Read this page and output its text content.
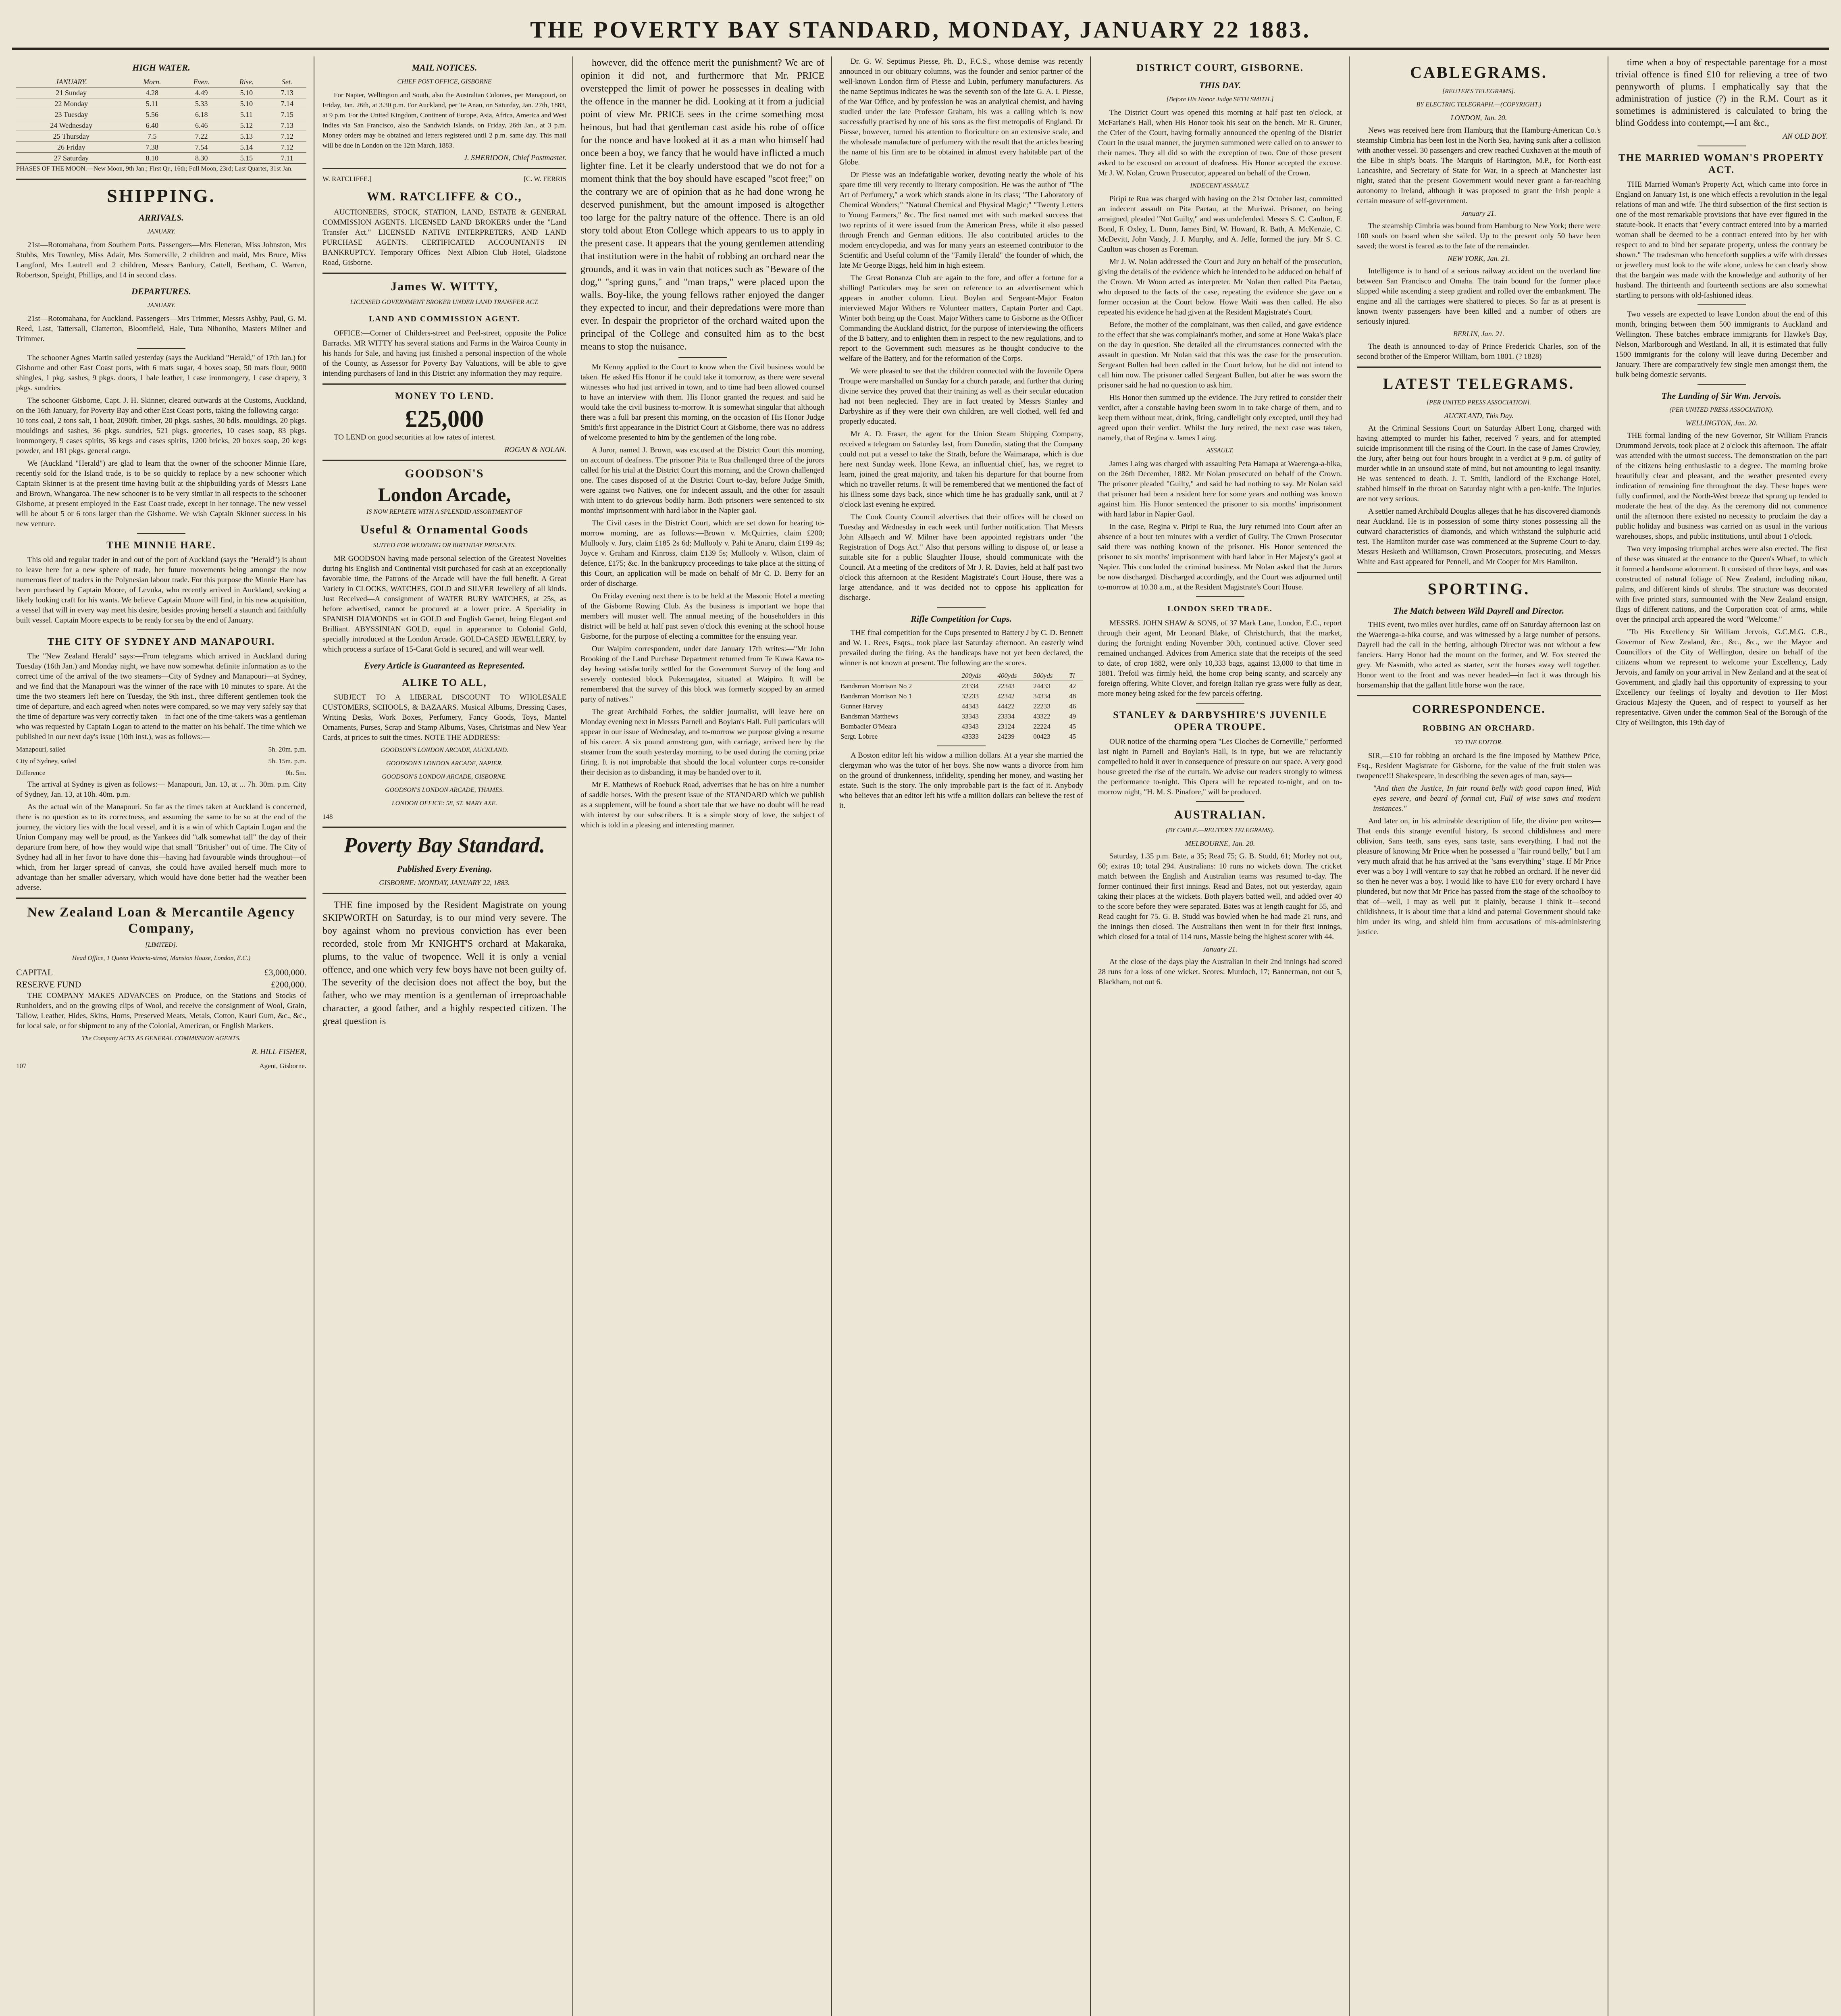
THE POVERTY BAY STANDARD, MONDAY, JANUARY 22 1883.
HIGH WATER.
JANUARY.	Morn.	Even.	Rise.	Set.
21 Sunday	4.28	4.49	5.10	7.13
22 Monday	5.11	5.33	5.10	7.14
23 Tuesday	5.56	6.18	5.11	7.15
24 Wednesday	6.40	6.46	5.12	7.13
25 Thursday	7.5	7.22	5.13	7.12
26 Friday	7.38	7.54	5.14	7.12
27 Saturday	8.10	8.30	5.15	7.11

PHASES OF THE MOON.—New Moon, 9th Jan.; First Qr., 16th; Full Moon, 23rd; Last Quarter, 31st Jan.

SHIPPING.
ARRIVALS.
JANUARY.

21st—Rotomahana, from Southern Ports. Passengers—Mrs Fleneran, Miss Johnston, Mrs Stubbs, Mrs Townley, Miss Adair, Mrs Somerville, 2 children and maid, Mrs Bruce, Miss Langford, Mrs Lautrell and 2 children, Messrs Banbury, Cattell, Beetham, C. Warren, Robertson, Speight, Phillips, and 14 in second class.

DEPARTURES.
JANUARY.

21st—Rotomahana, for Auckland. Passengers—Mrs Trimmer, Messrs Ashby, Paul, G. M. Reed, Last, Tattersall, Clatterton, Bloomfield, Hale, Tuta Nihoniho, Masters Milner and Trimmer.

The schooner Agnes Martin sailed yesterday (says the Auckland "Herald," of 17th Jan.) for Gisborne and other East Coast ports, with 6 mats sugar, 4 boxes soap, 50 mats flour, 9000 shingles, 1 pkg. sashes, 9 pkgs. doors, 1 bale leather, 1 case ironmongery, 1 case drapery, 3 pkgs. sundries.

The schooner Gisborne, Capt. J. H. Skinner, cleared outwards at the Customs, Auckland, on the 16th January, for Poverty Bay and other East Coast ports, taking the following cargo:—10 tons coal, 2 tons salt, 1 boat, 2090ft. timber, 20 pkgs. sashes, 30 bdls. mouldings, 20 pkgs. mouldings and sashes, 36 pkgs. sundries, 521 pkgs. groceries, 10 cases soap, 83 pkgs. ironmongery, 9 cases spirits, 36 kegs and cases spirits, 1200 bricks, 20 boxes soap, 20 kegs powder, and 181 pkgs. general cargo.

We (Auckland "Herald") are glad to learn that the owner of the schooner Minnie Hare, recently sold for the Island trade, is to be so quickly to replace by a new schooner which Captain Skinner is at the present time having built at the shipbuilding yards of Messrs Lane and Brown, Whangaroa. The new schooner is to be very similar in all respects to the schooner Gisborne, at present employed in the East Coast trade, except in her tonnage. The new vessel will be about 5 or 6 tons larger than the Gisborne. We wish Captain Skinner success in his new venture.

THE MINNIE HARE.

This old and regular trader in and out of the port of Auckland (says the "Herald") is about to leave here for a new sphere of trade, her future movements being amongst the now numerous fleet of traders in the Polynesian labour trade. For this purpose the Minnie Hare has been purchased by Captain Moore, of Levuka, who recently arrived in Auckland, seeking a likely looking craft for his wants. We believe Captain Moore will find, in his new acquisition, a vessel that will in every way meet his desire, besides proving herself a staunch and faithfully built vessel. Captain Moore expects to be ready for sea by the end of January.

THE CITY OF SYDNEY AND MANAPOURI.

The "New Zealand Herald" says:—From telegrams which arrived in Auckland during Tuesday (16th Jan.) and Monday night, we have now somewhat definite information as to the correct time of the arrival of the two steamers—City of Sydney and Manapouri—at Sydney, and we find that the Manapouri was the winner of the race with 10 minutes to spare. At the time the two steamers left here on Tuesday, the 9th inst., three different gentlemen took the time of departure, and each agreed when notes were compared, so we may very safely say that the time of departure was very correctly taken—in fact one of the time-takers was a gentleman who was requested by Captain Logan to attend to the matter on his behalf. The time which we published in our next day's issue (10th inst.), was as follows:—

Manapouri, sailed	5h. 20m. p.m.
City of Sydney, sailed	5h. 15m. p.m.
Difference	0h. 5m.

The arrival at Sydney is given as follows:— Manapouri, Jan. 13, at ... 7h. 30m. p.m. City of Sydney, Jan. 13, at 10h. 40m. p.m.

As the actual win of the Manapouri. So far as the times taken at Auckland is concerned, there is no question as to its correctness, and assuming the same to be so at the end of the journey, the victory lies with the local vessel, and it is a win of which Captain Logan and the Union Company may well be proud, as the Yankees did "talk somewhat tall" the day of their departure from here, of how they would wipe that small "Britisher" out of time. The City of Sydney had all in her favor to have done this—having had favourable winds throughout—of which, from her larger spread of canvas, she could have availed herself much more to advantage than her smaller adversary, which would have done better had the weather been adverse.

New Zealand Loan & Mercantile Agency Company,
[LIMITED].
Head Office, 1 Queen Victoria-street, Mansion House, London, E.C.)
CAPITAL	£3,000,000.
RESERVE FUND	£200,000.

THE COMPANY MAKES ADVANCES on Produce, on the Stations and Stocks of Runholders, and on the growing clips of Wool, and receive the consignment of Wool, Grain, Tallow, Leather, Hides, Skins, Horns, Preserved Meats, Metals, Cotton, Kauri Gum, &c., &c., for local sale, or for shipment to any of the Colonial, American, or English Markets.

The Company ACTS AS GENERAL COMMISSION AGENTS.
R. HILL FISHER,
107	Agent, Gisborne.
MAIL NOTICES.
CHIEF POST OFFICE, GISBORNE

For Napier, Wellington and South, also the Australian Colonies, per Manapouri, on Friday, Jan. 26th, at 3.30 p.m. For Auckland, per Te Anau, on Saturday, Jan. 27th, 1883, at 9 p.m. For the United Kingdom, Continent of Europe, Asia, Africa, America and West Indies via San Francisco, also the Sandwich Islands, on Friday, 26th Jan., at 3 p.m. Money orders may be obtained and letters registered until 2 p.m. same day. This mail will be due in London on the 12th March, 1883.

J. SHERIDON, Chief Postmaster.
W. RATCLIFFE.]	[C. W. FERRIS
WM. RATCLIFFE & CO.,

AUCTIONEERS, STOCK, STATION, LAND, ESTATE & GENERAL COMMISSION AGENTS. LICENSED LAND BROKERS under the "Land Transfer Act." LICENSED NATIVE INTERPRETERS, AND LAND PURCHASE AGENTS. CERTIFICATED ACCOUNTANTS IN BANKRUPTCY. Temporary Offices—Next Albion Club Hotel, Gladstone Road, Gisborne.

James W. WITTY,
LICENSED GOVERNMENT BROKER UNDER LAND TRANSFER ACT.
LAND AND COMMISSION AGENT.

OFFICE:—Corner of Childers-street and Peel-street, opposite the Police Barracks. MR WITTY has several stations and Farms in the Wairoa County in his hands for Sale, and having just finished a personal inspection of the whole of the County, as Assessor for Poverty Bay Valuations, will be able to give intending purchasers of land in this District any information they may require.

MONEY TO LEND.
£25,000

TO LEND on good securities at low rates of interest.

ROGAN & NOLAN.
GOODSON'S
London Arcade,
IS NOW REPLETE WITH A SPLENDID ASSORTMENT OF
Useful & Ornamental Goods
SUITED FOR WEDDING OR BIRTHDAY PRESENTS.

MR GOODSON having made personal selection of the Greatest Novelties during his English and Continental visit purchased for cash at an exceptionally favorable time, the Patrons of the Arcade will have the full benefit. A Great Variety in CLOCKS, WATCHES, GOLD and SILVER Jewellery of all kinds. Just Received—A consignment of WATER BURY WATCHES, at 25s, as before advertised, cannot be procured at a lower price. A Speciality in SPANISH DIAMONDS set in GOLD and English Garnet, being Elegant and Brilliant. ABYSSINIAN GOLD, equal in appearance to Colonial Gold, specially introduced at the London Arcade. GOLD-CASED JEWELLERY, by which process a surface of 15-Carat Gold is secured, and will wear well.

Every Article is Guaranteed as Represented.
ALIKE TO ALL,

SUBJECT TO A LIBERAL DISCOUNT TO WHOLESALE CUSTOMERS, SCHOOLS, & BAZAARS. Musical Albums, Dressing Cases, Writing Desks, Work Boxes, Perfumery, Fancy Goods, Toys, Mantel Ornaments, Purses, Scrap and Stamp Albums, Vases, Christmas and New Year Cards, at prices to suit the times. NOTE THE ADDRESS:—

GOODSON'S LONDON ARCADE, AUCKLAND.
GOODSON'S LONDON ARCADE, NAPIER.
GOODSON'S LONDON ARCADE, GISBORNE.
GOODSON'S LONDON ARCADE, THAMES.
LONDON OFFICE: 58, ST. MARY AXE.
148
Poverty Bay Standard.
Published Every Evening.
GISBORNE: MONDAY, JANUARY 22, 1883.

THE fine imposed by the Resident Magistrate on young SKIPWORTH on Saturday, is to our mind very severe. The boy against whom no previous conviction has ever been recorded, stole from Mr KNIGHT'S orchard at Makaraka, plums, to the value of twopence. Well it is only a venial offence, and one which very few boys have not been guilty of. The severity of the decision does not affect the boy, but the father, who we may mention is a gentleman of irreproachable character, a good father, and a highly respected citizen. The great question is

however, did the offence merit the punishment? We are of opinion it did not, and furthermore that Mr. PRICE overstepped the limit of power he possesses in dealing with the offence in the manner he did. Looking at it from a judicial point of view Mr. PRICE sees in the crime something most heinous, but had that gentleman cast aside his robe of office for the nonce and have looked at it as a man who himself had once been a boy, we fancy that he would have inflicted a much lighter fine. Let it be clearly understood that we do not for a moment think that the boy should have escaped "scot free;" on the contrary we are of opinion that as he had done wrong he deserved punishment, but the amount imposed is altogether too large for the paltry nature of the offence. There is an old story told about Eton College which appears to us to apply in the present case. It appears that the young gentlemen attending that institution were in the habit of robbing an orchard near the grounds, and it was in vain that notices such as "Beware of the dog," "spring guns," and "man traps," were placed upon the walls. Boy-like, the young fellows rather enjoyed the danger they expected to incur, and their depredations were more than ever. In despair the proprietor of the orchard waited upon the principal of the College and consulted him as to the best means to stop the nuisance.

Mr Kenny applied to the Court to know when the Civil business would be taken. He asked His Honor if he could take it tomorrow, as there were several witnesses who had just arrived in town, and to time had been allowed counsel to have an interview with them. His Honor granted the request and said he would take the civil business to-morrow. It is somewhat singular that although there was a full bar present this morning, on the occasion of His Honor Judge Smith's first appearance in the District Court at Gisborne, there was no address of welcome presented to him by the gentlemen of the long robe.

A Juror, named J. Brown, was excused at the District Court this morning, on account of deafness. The prisoner Pita te Rua challenged three of the jurors called for his trial at the District Court this morning, and the Crown challenged one. The cases disposed of at the District Court to-day, before Judge Smith, were against two Natives, one for indecent assault, and the other for assault with intent to do grievous bodily harm. Both prisoners were sentenced to six months' imprisonment with hard labor in the Napier gaol.

The Civil cases in the District Court, which are set down for hearing to-morrow morning, are as follows:—Brown v. McQuirries, claim £200; Mullooly v. Jury, claim £185 2s 6d; Mullooly v. Pahi te Anaru, claim £199 4s; Joyce v. Graham and Kinross, claim £139 5s; Mullooly v. Wilson, claim of defence, £175; &c. In the bankruptcy proceedings to take place at the sitting of this Court, an application will be made on behalf of Mr C. D. Berry for an order of discharge.

On Friday evening next there is to be held at the Masonic Hotel a meeting of the Gisborne Rowing Club. As the business is important we hope that members will muster well. The annual meeting of the householders in this district will be held at half past seven o'clock this evening at the school house Gisborne, for the purpose of electing a committee for the ensuing year.

Our Waipiro correspondent, under date January 17th writes:—"Mr John Brooking of the Land Purchase Department returned from Te Kuwa Kawa to-day having satisfactorily settled for the Government Survey of the long and severely contested block Pukemagatea, situated at Waipiro. It will be remembered that the survey of this block was formerly stopped by an armed party of natives."

The great Archibald Forbes, the soldier journalist, will leave here on Monday evening next in Messrs Parnell and Boylan's Hall. Full particulars will appear in our issue of Wednesday, and to-morrow we purpose giving a resume of his career. A six pound armstrong gun, with carriage, arrived here by the steamer from the south yesterday morning, to be used during the coming prize firing. It is not improbable that should the local volunteer corps re-consider their decision as to disbanding, it may be handed over to it.

Mr E. Matthews of Roebuck Road, advertises that he has on hire a number of saddle horses. With the present issue of the STANDARD which we publish as a supplement, will be found a short tale that we have no doubt will be read with interest by our subscribers. It is a simple story of love, the subject of which is told in a pleasing and interesting manner.

Dr. G. W. Septimus Piesse, Ph. D., F.C.S., whose demise was recently announced in our obituary columns, was the founder and senior partner of the well-known London firm of Piesse and Lubin, perfumery manufacturers. As the name Septimus indicates he was the seventh son of the late G. A. I. Piesse, of the War Office, and by profession he was an analytical chemist, and having studied under the late Professor Graham, his was a calling which is now successfully practised by one of his sons as the first metropolis of England. Dr Piesse, however, turned his attention to floriculture on an extensive scale, and the wholesale manufacture of perfumery with the result that the articles bearing the name of his firm are to be obtained in almost every habitable part of the Globe.

Dr Piesse was an indefatigable worker, devoting nearly the whole of his spare time till very recently to literary composition. He was the author of "The Art of Perfumery," a work which stands alone in its class; "The Laboratory of Chemical Wonders;" "Natural Chemical and Physical Magic;" "Twenty Letters to Young Farmers," &c. The first named met with such marked success that two reprints of it were issued from the American Press, while it also passed through French and German editions. He also contributed articles to the modern encyclopedia, and was for many years an esteemed contributor to the Scientific and Useful column of the "Family Herald" the founder of which, the late Mr George Biggs, held him in high esteem.

The Great Bonanza Club are again to the fore, and offer a fortune for a shilling! Particulars may be seen on reference to an advertisement which appears in another column. Lieut. Boylan and Sergeant-Major Featon interviewed Major Withers re Volunteer matters, Captain Porter and Capt. Winter both being up the Coast. Major Withers came to Gisborne as the Officer Commanding the Auckland district, for the purpose of interviewing the officers of the B battery, and to enlighten them in respect to the new regulations, and to report to the Government such measures as he thought conducive to the welfare of the Battery, and for the reformation of the Corps.

We were pleased to see that the children connected with the Juvenile Opera Troupe were marshalled on Sunday for a church parade, and further that during divine service they proved that their training as well as their secular education had not been neglected. They are in fact treated by Messrs Stanley and Darbyshire as if they were their own children, are well clothed, well fed and properly educated.

Mr A. D. Fraser, the agent for the Union Steam Shipping Company, received a telegram on Saturday last, from Dunedin, stating that the Company could not put a vessel to take the Strath, before the Waimarapa, which is due here next Sunday week. Hone Kewa, an influential chief, has, we regret to learn, joined the great majority, and taken his departure for that bourne from which no traveller returns. It will be remembered that we mentioned the fact of his illness some days back, since which time he has gradually sank, until at 7 o'clock last evening he expired.

The Cook County Council advertises that their offices will be closed on Tuesday and Wednesday in each week until further notification. That Messrs John Allsaech and W. Milner have been appointed registrars under "the Registration of Dogs Act." Also that persons willing to dispose of, or lease a suitable site for a public Slaughter House, should communicate with the Council. At a meeting of the creditors of Mr J. R. Davies, held at half past two o'clock this afternoon at the Resident Magistrate's Court House, there was a large attendance, and it was decided not to oppose his application for discharge.

Rifle Competition for Cups.

THE final competition for the Cups presented to Battery J by C. D. Bennett and W. L. Rees, Esqrs., took place last Saturday afternoon. An easterly wind prevailed during the firing. As the handicaps have not yet been declared, the winner is not known at present. The following are the scores.

	200yds	400yds	500yds	Tl
Bandsman Morrison No 2	23334	22343	24433	42
Bandsman Morrison No 1	32233	42342	34334	48
Gunner Harvey	44343	44422	22233	46
Bandsman Matthews	33343	23334	43322	49
Bombadier O'Meara	43343	23124	22224	45
Sergt. Lobree	43333	24239	00423	45

A Boston editor left his widow a million dollars. At a year she married the clergyman who was the tutor of her boys. She now wants a divorce from him on the ground of drunkenness, infidelity, spending her money, and wasting her estate. Such is the story. The only improbable part is the fact of it. Anybody who believes that an editor left his wife a million dollars can believe the rest of it.

DISTRICT COURT, GISBORNE.
THIS DAY.
[Before His Honor Judge SETH SMITH.]

The District Court was opened this morning at half past ten o'clock, at McFarlane's Hall, when His Honor took his seat on the bench. Mr R. Gruner, the Crier of the Court, having formally announced the opening of the District Court in the usual manner, the jurymen summoned were called on to answer to their names. They all did so with the exception of two. One of those present asked to be excused on account of deafness. His Honor accepted the excuse. Mr J. W. Nolan, Crown Prosecutor, appeared on behalf of the Crown.

INDECENT ASSAULT.

Piripi te Rua was charged with having on the 21st October last, committed an indecent assault on Pita Paetau, at the Muriwai. Prisoner, on being arraigned, pleaded "Not Guilty," and was undefended. Messrs S. C. Caulton, F. Bond, F. Oxley, L. Dunn, James Bird, W. Howard, R. Bath, A. McKenzie, C. McDevitt, John Vandy, J. J. Murphy, and A. Jelfe, formed the jury. Mr S. C. Caulton was chosen as Foreman.

Mr J. W. Nolan addressed the Court and Jury on behalf of the prosecution, giving the details of the evidence which he intended to be adduced on behalf of the Crown. Mr Woon acted as interpreter. Mr Nolan then called Pita Paetau, who deposed to the facts of the case, repeating the evidence she gave on a former occasion at the Court below. Howe Waiti was then called. He also repeated his evidence he had given at the Resident Magistrate's Court.

Before, the mother of the complainant, was then called, and gave evidence to the effect that she was complainant's mother, and some at Hone Waka's place on the day in question. She detailed all the circumstances connected with the assault in question. Mr Nolan said that this was the case for the prosecution. Sergeant Bullen had been called in the Court below, but he did not intend to call him now. The prisoner called Sergeant Bullen, but after he was sworn the prisoner said he had no question to ask him.

His Honor then summed up the evidence. The Jury retired to consider their verdict, after a constable having been sworn in to take charge of them, and to keep them without meat, drink, firing, candlelight only excepted, until they had agreed upon their verdict. Whilst the Jury retired, the next case was taken, namely, that of Regina v. James Laing.

ASSAULT.

James Laing was charged with assaulting Peta Hamapa at Waerenga-a-hika, on the 26th December, 1882. Mr Nolan prosecuted on behalf of the Crown. The prisoner pleaded "Guilty," and said he had nothing to say. Mr Nolan said that prisoner had been a resident here for some years and nothing was known against him. His Honor sentenced the prisoner to six months' imprisonment with hard labor in Napier Gaol.

In the case, Regina v. Piripi te Rua, the Jury returned into Court after an absence of a bout ten minutes with a verdict of Guilty. The Crown Prosecutor said there was nothing known of the prisoner. His Honor sentenced the prisoner to six months' imprisonment with hard labor in Her Majesty's gaol at Napier. This concluded the criminal business. Mr Nolan asked that the Jurors be now discharged. Discharged accordingly, and the Court was adjourned until to-morrow at 10.30 a.m., at the Resident Magistrate's Court House.

LONDON SEED TRADE.

MESSRS. JOHN SHAW & SONS, of 37 Mark Lane, London, E.C., report through their agent, Mr Leonard Blake, of Christchurch, that the market, during the fortnight ending November 30th, continued active. Clover seed remained unchanged. Advices from America state that the receipts of the seed to date, of crop 1882, were only 10,333 bags, against 13,000 to that time in 1881. Trefoil was firmly held, the home crop being scanty, and scarcely any foreign offering. White Clover, and foreign Italian rye grass were fully as dear, more money being asked for the few parcels offering.

STANLEY & DARBYSHIRE'S JUVENILE OPERA TROUPE.

OUR notice of the charming opera "Les Cloches de Corneville," performed last night in Parnell and Boylan's Hall, is in type, but we are reluctantly compelled to hold it over in consequence of pressure on our space. A very good house greeted the rise of the curtain. We advise our readers strongly to witness the performance to-night. This Opera will be repeated to-night, and on to-morrow night, "H. M. S. Pinafore," will be produced.

AUSTRALIAN.
(BY CABLE.—REUTER'S TELEGRAMS).
MELBOURNE, Jan. 20.

Saturday, 1.35 p.m. Bate, a 35; Read 75; G. B. Studd, 61; Morley not out, 60; extras 10; total 294. Australians: 10 runs no wickets down. The cricket match between the English and Australian teams was resumed to-day. The former continued their first innings. Read and Bates, not out yesterday, again taking their places at the wickets. Both players batted well, and added over 40 to the score before they were separated. Bates was at length caught for 55, and Read caught for 75. G. B. Studd was bowled when he had made 21 runs, and the innings then closed. The Australians then went in for their first innings, which closed for a total of 114 runs, Massie being the highest scorer with 44.

January 21.

At the close of the days play the Australian in their 2nd innings had scored 28 runs for a loss of one wicket. Scores: Murdoch, 17; Bannerman, not out 5, Blackham, not out 6.

CABLEGRAMS.
[REUTER'S TELEGRAMS].
BY ELECTRIC TELEGRAPH.—(COPYRIGHT.)
LONDON, Jan. 20.

News was received here from Hamburg that the Hamburg-American Co.'s steamship Cimbria has been lost in the North Sea, having sunk after a collision with another vessel. 30 passengers and crew reached Cuxhaven at the mouth of the Elbe in ship's boats. The Marquis of Hartington, M.P., for North-east Lancashire, and Secretary of State for War, in a speech at Manchester last night, stated that the present Government would never grant a far-reaching autonomy to Ireland, although it was proposed to grant the Irish people a certain measure of self-government.

January 21.

The steamship Cimbria was bound from Hamburg to New York; there were 100 souls on board when she sailed. Up to the present only 50 have been saved; the worst is feared as to the fate of the remainder.

NEW YORK, Jan. 21.

Intelligence is to hand of a serious railway accident on the overland line between San Francisco and Omaha. The train bound for the former place slipped while ascending a steep gradient and rolled over the embankment. The engine and all the carriages were shattered to pieces. So far as at present is known twenty passengers have been killed and a number of others are seriously injured.

BERLIN, Jan. 21.

The death is announced to-day of Prince Frederick Charles, son of the second brother of the Emperor William, born 1801. (? 1828)

LATEST TELEGRAMS.
[PER UNITED PRESS ASSOCIATION].
AUCKLAND, This Day.

At the Criminal Sessions Court on Saturday Albert Long, charged with having attempted to murder his father, received 7 years, and for attempted suicide imprisonment till the rising of the Court. In the case of James Crowley, the Jury, after being out four hours brought in a verdict at 9 p.m. of guilty of murder while in an unsound state of mind, but not amounting to legal insanity. He was sentenced to death. J. T. Smith, landlord of the Exchange Hotel, stabbed himself in the throat on Saturday night with a pen-knife. The injuries are not very serious.

A settler named Archibald Douglas alleges that he has discovered diamonds near Auckland. He is in possession of some thirty stones possessing all the outward characteristics of diamonds, and which withstand the sulphuric acid test. The Hamilton murder case was commenced at the Supreme Court to-day. Messrs Hesketh and Williamson, Crown Prosecutors, prosecuting, and Messrs White and East appeared for Pennell, and Mr Cooper for Mrs Hamilton.

SPORTING.
The Match between Wild Dayrell and Director.

THIS event, two miles over hurdles, came off on Saturday afternoon last on the Waerenga-a-hika course, and was witnessed by a large number of persons. Dayrell had the call in the betting, although Director was not without a few fanciers. Harry Honor had the mount on the former, and W. Fox steered the grey. Mr Nasmith, who acted as starter, sent the horses away well together. Honor went to the front and was never headed—in fact it was through his horsemanship that the gallant little horse won the race.

CORRESPONDENCE.
ROBBING AN ORCHARD.
TO THE EDITOR.

SIR,—£10 for robbing an orchard is the fine imposed by Matthew Price, Esq., Resident Magistrate for Gisborne, for the value of the fruit stolen was twopence!!! Shakespeare, in describing the seven ages of man, says—

"And then the Justice, In fair round belly with good capon lined, With eyes severe, and beard of formal cut, Full of wise saws and modern instances."

And later on, in his admirable description of life, the divine pen writes— That ends this strange eventful history, Is second childishness and mere oblivion, Sans teeth, sans eyes, sans taste, sans everything. I had not the pleasure of knowing Mr Price when he possessed a "fair round belly," but I am very much afraid that he has arrived at the "sans everything" stage. If Mr Price ever was a boy I will venture to say that he robbed an orchard. If he never did so then he never was a boy. I would like to have £10 for every orchard I have plundered, but now that Mr Price has passed from the stage of the schoolboy to that of—well, I may as well put it plainly, because I think it—second childishness, it is about time that a kind and paternal Government should take him under its wing, and shield him from accusations of mis-administering justice.

time when a boy of respectable parentage for a most trivial offence is fined £10 for relieving a tree of two pennyworth of plums. I emphatically say that the administration of justice (?) in the R.M. Court as it sometimes is administered is calculated to bring the blind Goddess into contempt,—I am &c.,

AN OLD BOY.
THE MARRIED WOMAN'S PROPERTY ACT.

THE Married Woman's Property Act, which came into force in England on January 1st, is one which effects a revolution in the legal relations of man and wife. The third subsection of the first section is one of the most remarkable provisions that have ever figured in the statute-book. It enacts that "every contract entered into by a married woman shall be deemed to be a contract entered into by her with respect to and to bind her separate property, unless the contrary be shown." The tradesman who henceforth supplies a wife with dresses or jewellery must look to the wife alone, unless he can clearly show that the bargain was made with the knowledge and authority of her husband. The thirteenth and fourteenth sections are also somewhat startling to persons with old-fashioned ideas.

Two vessels are expected to leave London about the end of this month, bringing between them 500 immigrants to Auckland and Wellington. These batches embrace immigrants for Hawke's Bay, Nelson, Marlborough and Westland. In all, it is estimated that fully 1500 immigrants for the colony will leave during December and January. There are comparatively few single men amongst them, the bulk being domestic servants.

The Landing of Sir Wm. Jervois.
(PER UNITED PRESS ASSOCIATION).
WELLINGTON, Jan. 20.

THE formal landing of the new Governor, Sir William Francis Drummond Jervois, took place at 2 o'clock this afternoon. The affair was attended with the utmost success. The demonstration on the part of the citizens being enthusiastic to a degree. The morning broke beautifully clear and pleasant, and the weather presented every indication of remaining fine throughout the day. These hopes were fully confirmed, and the North-West breeze that sprung up tended to moderate the heat of the day. As the ceremony did not commence until the afternoon there existed no necessity to proclaim the day a public holiday and business was carried on as usual in the various warehouses, shops, and public institutions, until about 1 o'clock.

Two very imposing triumphal arches were also erected. The first of these was situated at the entrance to the Queen's Wharf, to which it formed a handsome adornment. It consisted of three bays, and was constructed of natural foliage of New Zealand, including nikau, palms, and different kinds of shrubs. The structure was decorated with five printed stars, surmounted with the New Zealand ensign, flags of different nations, and the Corporation coat of arms, while over the principal arch appeared the word "Welcome."

"To His Excellency Sir William Jervois, G.C.M.G. C.B., Governor of New Zealand, &c., &c., &c., we the Mayor and Councillors of the City of Wellington, desire on behalf of the citizens whom we represent to welcome your Excellency, Lady Jervois, and family on your arrival in New Zealand and at the seat of Government, and gladly hail this opportunity of expressing to your Excellency our feelings of loyalty and devotion to Her Most Gracious Majesty the Queen, and of respect to yourself as her representative. Given under the common Seal of the Borough of the City of Wellington, this 19th day of
